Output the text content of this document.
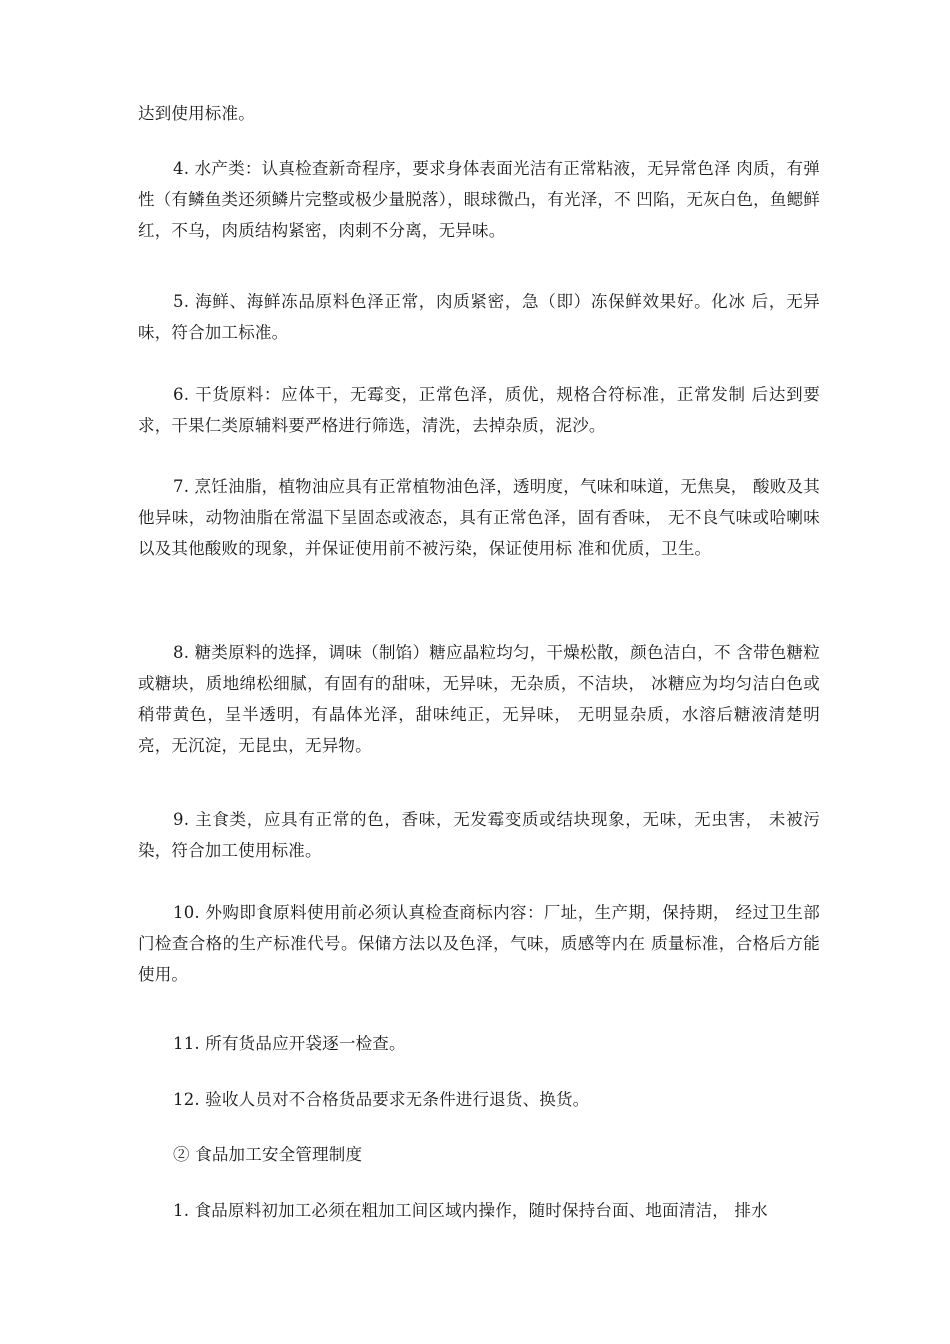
达到使用标准。

4. 水产类：认真检查新奇程序，要求身体表面光洁有正常粘液，无异常色泽 肉质，有弹性（有鳞鱼类还须鳞片完整或极少量脱落），眼球微凸，有光泽，不 凹陷，无灰白色，鱼鳃鲜红，不乌，肉质结构紧密，肉刺不分离，无异味。

5. 海鲜、海鲜冻品原料色泽正常，肉质紧密，急（即）冻保鲜效果好。化冰 后，无异味，符合加工标准。

6. 干货原料：应体干，无霉变，正常色泽，质优，规格合符标准，正常发制 后达到要求，干果仁类原辅料要严格进行筛选，清洗，去掉杂质，泥沙。

7. 烹饪油脂，植物油应具有正常植物油色泽，透明度，气味和味道，无焦臭， 酸败及其他异味，动物油脂在常温下呈固态或液态，具有正常色泽，固有香味， 无不良气味或哈喇味以及其他酸败的现象，并保证使用前不被污染，保证使用标 准和优质，卫生。

8. 糖类原料的选择，调味（制馅）糖应晶粒均匀，干燥松散，颜色洁白，不 含带色糖粒或糖块，质地绵松细腻，有固有的甜味，无异味，无杂质，不洁块， 冰糖应为均匀洁白色或稍带黄色，呈半透明，有晶体光泽，甜味纯正，无异味， 无明显杂质，水溶后糖液清楚明亮，无沉淀，无昆虫，无异物。

9. 主食类，应具有正常的色，香味，无发霉变质或结块现象，无味，无虫害， 未被污染，符合加工使用标准。

10. 外购即食原料使用前必须认真检查商标内容：厂址，生产期，保持期， 经过卫生部门检查合格的生产标准代号。保储方法以及色泽，气味，质感等内在 质量标准，合格后方能使用。

11. 所有货品应开袋逐一检查。

12. 验收人员对不合格货品要求无条件进行退货、换货。

② 食品加工安全管理制度

1. 食品原料初加工必须在粗加工间区域内操作，随时保持台面、地面清洁， 排水
